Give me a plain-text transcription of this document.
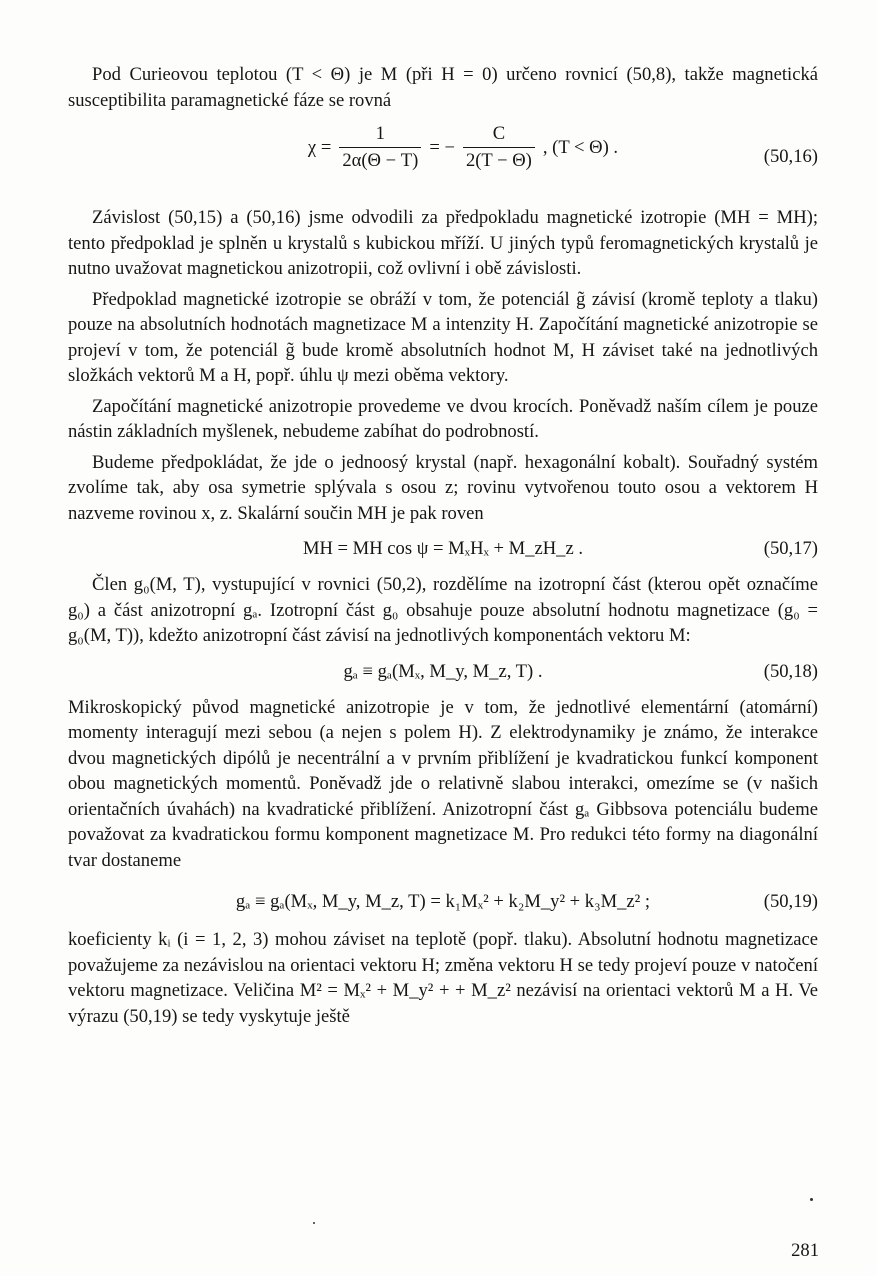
Pod Curieovou teplotou (T < Θ) je M (při H = 0) určeno rovnicí (50,8), takže magnetická susceptibilita paramagnetické fáze se rovná

$\chi = \frac{1}{2\alpha(\Theta - T)}$ = − $\frac{C}{2(T - \Theta)}$ , (T < Θ) .	(50,16)

Závislost (50,15) a (50,16) jsme odvodili za předpokladu magnetické izotropie (MH = MH); tento předpoklad je splněn u krystalů s kubickou mříží. U jiných typů feromagnetických krystalů je nutno uvažovat magnetickou anizotropii, což ovlivní i obě závislosti.

Předpoklad magnetické izotropie se obráží v tom, že potenciál g̃ závisí (kromě teploty a tlaku) pouze na absolutních hodnotách magnetizace M a intenzity H. Započítání magnetické anizotropie se projeví v tom, že potenciál g̃ bude kromě absolutních hodnot M, H záviset také na jednotlivých složkách vektorů M a H, popř. úhlu ψ mezi oběma vektory.

Započítání magnetické anizotropie provedeme ve dvou krocích. Poněvadž naším cílem je pouze nástin základních myšlenek, nebudeme zabíhat do podrobností.

Budeme předpokládat, že jde o jednoosý krystal (např. hexagonální kobalt). Souřadný systém zvolíme tak, aby osa symetrie splývala s osou z; rovinu vytvořenou touto osou a vektorem H nazveme rovinou x, z. Skalární součin MH je pak roven

MH = MH cos ψ = MₓHₓ + M_zH_z .	(50,17)

Člen g₀(M, T), vystupující v rovnici (50,2), rozdělíme na izotropní část (kterou opět označíme g₀) a část anizotropní gₐ. Izotropní část g₀ obsahuje pouze absolutní hodnotu magnetizace (g₀ = g₀(M, T)), kdežto anizotropní část závisí na jednotlivých komponentách vektoru M:

gₐ ≡ gₐ(Mₓ, M_y, M_z, T) .	(50,18)

Mikroskopický původ magnetické anizotropie je v tom, že jednotlivé elementární (atomární) momenty interagují mezi sebou (a nejen s polem H). Z elektrodynamiky je známo, že interakce dvou magnetických dipólů je necentrální a v prvním přiblížení je kvadratickou funkcí komponent obou magnetických momentů. Poněvadž jde o relativně slabou interakci, omezíme se (v našich orientačních úvahách) na kvadratické přiblížení. Anizotropní část gₐ Gibbsova potenciálu budeme považovat za kvadratickou formu komponent magnetizace M. Pro redukci této formy na diagonální tvar dostaneme

gₐ ≡ gₐ(Mₓ, M_y, M_z, T) = k₁Mₓ² + k₂M_y² + k₃M_z² ;	(50,19)

koeficienty kᵢ (i = 1, 2, 3) mohou záviset na teplotě (popř. tlaku). Absolutní hodnotu magnetizace považujeme za nezávislou na orientaci vektoru H; změna vektoru H se tedy projeví pouze v natočení vektoru magnetizace. Veličina M² = Mₓ² + M_y² + + M_z² nezávisí na orientaci vektorů M a H. Ve výrazu (50,19) se tedy vyskytuje ještě

281
